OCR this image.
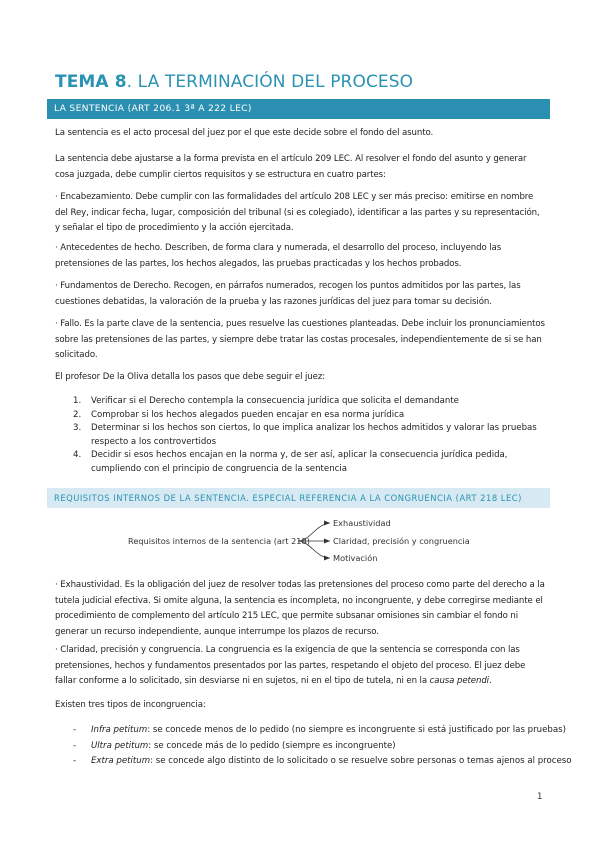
TEMA 8. LA TERMINACIÓN DEL PROCESO
LA SENTENCIA (ART 206.1 3ª A 222 LEC)

La sentencia es el acto procesal del juez por el que este decide sobre el fondo del asunto.

La sentencia debe ajustarse a la forma prevista en el artículo 209 LEC. Al resolver el fondo del asunto y generar cosa juzgada, debe cumplir ciertos requisitos y se estructura en cuatro partes:

· Encabezamiento. Debe cumplir con las formalidades del artículo 208 LEC y ser más preciso: emitirse en nombre del Rey, indicar fecha, lugar, composición del tribunal (si es colegiado), identificar a las partes y su representación, y señalar el tipo de procedimiento y la acción ejercitada.

· Antecedentes de hecho. Describen, de forma clara y numerada, el desarrollo del proceso, incluyendo las pretensiones de las partes, los hechos alegados, las pruebas practicadas y los hechos probados.

· Fundamentos de Derecho. Recogen, en párrafos numerados, recogen los puntos admitidos por las partes, las cuestiones debatidas, la valoración de la prueba y las razones jurídicas del juez para tomar su decisión.

· Fallo. Es la parte clave de la sentencia, pues resuelve las cuestiones planteadas. Debe incluir los pronunciamientos sobre las pretensiones de las partes, y siempre debe tratar las costas procesales, independientemente de si se han solicitado.

El profesor De la Oliva detalla los pasos que debe seguir el juez:

1. Verificar si el Derecho contempla la consecuencia jurídica que solicita el demandante
2. Comprobar si los hechos alegados pueden encajar en esa norma jurídica
3. Determinar si los hechos son ciertos, lo que implica analizar los hechos admitidos y valorar las pruebas respecto a los controvertidos
4. Decidir si esos hechos encajan en la norma y, de ser así, aplicar la consecuencia jurídica pedida, cumpliendo con el principio de congruencia de la sentencia
REQUISITOS INTERNOS DE LA SENTENCIA. ESPECIAL REFERENCIA A LA CONGRUENCIA (ART 218 LEC)
Requisitos internos de la sentencia (art 218)
Exhaustividad
Claridad, precisión y congruencia
Motivación

· Exhaustividad. Es la obligación del juez de resolver todas las pretensiones del proceso como parte del derecho a la tutela judicial efectiva. Si omite alguna, la sentencia es incompleta, no incongruente, y debe corregirse mediante el procedimiento de complemento del artículo 215 LEC, que permite subsanar omisiones sin cambiar el fondo ni generar un recurso independiente, aunque interrumpe los plazos de recurso.

· Claridad, precisión y congruencia. La congruencia es la exigencia de que la sentencia se corresponda con las pretensiones, hechos y fundamentos presentados por las partes, respetando el objeto del proceso. El juez debe fallar conforme a lo solicitado, sin desviarse ni en sujetos, ni en el tipo de tutela, ni en la causa petendi.

Existen tres tipos de incongruencia:

- Infra petitum: se concede menos de lo pedido (no siempre es incongruente si está justificado por las pruebas)
- Ultra petitum: se concede más de lo pedido (siempre es incongruente)
- Extra petitum: se concede algo distinto de lo solicitado o se resuelve sobre personas o temas ajenos al proceso
1
